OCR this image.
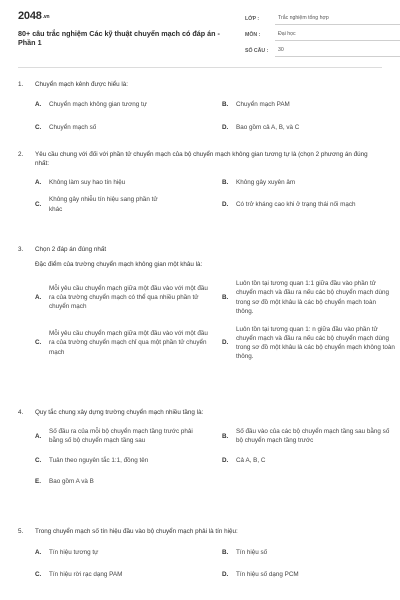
2048.vn
80+ câu trắc nghiệm Các kỹ thuật chuyển mạch có đáp án - Phần 1
LỚP :	Trắc nghiệm tổng hợp
MÔN :	Đại học
SỐ CÂU :	30
1.	Chuyển mạch kênh được hiểu là:
A.	Chuyển mạch không gian tương tự	B.	Chuyển mạch PAM
C.	Chuyển mạch số	D.	Bao gồm cả A, B, và C
2.	Yêu cầu chung với đối với phần tử chuyển mạch của bộ chuyển mạch không gian tương tự là (chọn 2 phương án đúng nhất:
A.	Không làm suy hao tín hiệu	B.	Không gây xuyên âm
C.
Không gây nhiễu tín hiệu sang phần tử khác
D.	Có trở kháng cao khi ở trạng thái nối mạch
3.	Chọn 2 đáp án đúng nhất
Đặc điểm của trường chuyển mạch không gian một khâu là:
A.
Mỗi yêu cầu chuyển mạch giữa một đầu vào với một đầu ra của trường chuyển mạch có thể qua nhiều phần tử chuyển mạch
B.
Luôn tồn tại tương quan 1:1 giữa đầu vào phần tử chuyển mạch và đầu ra nếu các bộ chuyển mạch dùng trong sơ đồ một khâu là các bộ chuyển mạch toàn thông.
C.
Mỗi yêu cầu chuyển mạch giữa một đầu vào với một đầu ra của trường chuyển mạch chỉ qua một phần tử chuyển mạch
D.
Luôn tồn tại tương quan 1: n giữa đầu vào phần tử chuyển mạch và đầu ra nếu các bộ chuyển mạch dùng trong sơ đồ một khâu là các bộ chuyển mạch không toàn thông.
4.	Quy tắc chung xây dựng trường chuyển mạch nhiều tầng là:
A.
Số đầu ra của mỗi bộ chuyển mạch tầng trước phải bằng số bộ chuyển mạch tầng sau
B.
Số đầu vào của các bộ chuyển mạch tầng sau bằng số bộ chuyển mạch tầng trước
C.	Tuân theo nguyên tắc 1:1, đồng tên	D.	Cả A, B, C
E.	Bao gồm A và B
5.	Trong chuyển mạch số tín hiệu đầu vào bộ chuyển mạch phải là tín hiệu:
A.	Tín hiệu tương tự	B.	Tín hiệu số
C.	Tín hiệu rời rạc dạng PAM	D.	Tín hiệu số dạng PCM
